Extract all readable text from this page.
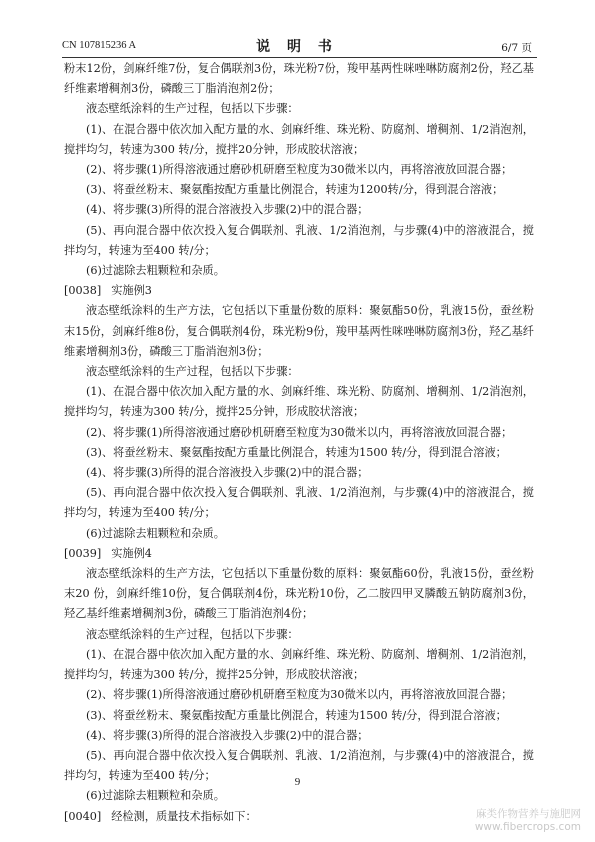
CN 107815236 A	说 明 书	6/7 页

粉末12份，剑麻纤维7份，复合偶联剂3份，珠光粉7份，羧甲基两性咪唑啉防腐剂2份，羟乙基纤维素增稠剂3份，磷酸三丁脂消泡剂2份；

液态壁纸涂料的生产过程，包括以下步骤：

(1)、在混合器中依次加入配方量的水、剑麻纤维、珠光粉、防腐剂、增稠剂、1/2消泡剂，搅拌均匀，转速为300 转/分，搅拌20分钟，形成胶状溶液；

(2)、将步骤(1)所得溶液通过磨砂机研磨至粒度为30微米以内，再将溶液放回混合器；

(3)、将蚕丝粉末、聚氨酯按配方重量比例混合，转速为1200转/分，得到混合溶液；

(4)、将步骤(3)所得的混合溶液投入步骤(2)中的混合器；

(5)、再向混合器中依次投入复合偶联剂、乳液、1/2消泡剂，与步骤(4)中的溶液混合，搅拌均匀，转速为至400 转/分；

(6)过滤除去粗颗粒和杂质。

[0038] 实施例3

液态壁纸涂料的生产方法，它包括以下重量份数的原料：聚氨酯50份，乳液15份，蚕丝粉末15份，剑麻纤维8份，复合偶联剂4份，珠光粉9份，羧甲基两性咪唑啉防腐剂3份，羟乙基纤维素增稠剂3份，磷酸三丁脂消泡剂3份；

液态壁纸涂料的生产过程，包括以下步骤：

(1)、在混合器中依次加入配方量的水、剑麻纤维、珠光粉、防腐剂、增稠剂、1/2消泡剂，搅拌均匀，转速为300 转/分，搅拌25分钟，形成胶状溶液；

(2)、将步骤(1)所得溶液通过磨砂机研磨至粒度为30微米以内，再将溶液放回混合器；

(3)、将蚕丝粉末、聚氨酯按配方重量比例混合，转速为1500 转/分，得到混合溶液；

(4)、将步骤(3)所得的混合溶液投入步骤(2)中的混合器；

(5)、再向混合器中依次投入复合偶联剂、乳液、1/2消泡剂，与步骤(4)中的溶液混合，搅拌均匀，转速为至400 转/分；

(6)过滤除去粗颗粒和杂质。

[0039] 实施例4

液态壁纸涂料的生产方法，它包括以下重量份数的原料：聚氨酯60份，乳液15份，蚕丝粉末20 份，剑麻纤维10份，复合偶联剂4份，珠光粉10份，乙二胺四甲叉膦酸五钠防腐剂3份，羟乙基纤维素增稠剂3份，磷酸三丁脂消泡剂4份；

液态壁纸涂料的生产过程，包括以下步骤：

(1)、在混合器中依次加入配方量的水、剑麻纤维、珠光粉、防腐剂、增稠剂、1/2消泡剂，搅拌均匀，转速为300 转/分，搅拌25分钟，形成胶状溶液；

(2)、将步骤(1)所得溶液通过磨砂机研磨至粒度为30微米以内，再将溶液放回混合器；

(3)、将蚕丝粉末、聚氨酯按配方重量比例混合，转速为1500 转/分，得到混合溶液；

(4)、将步骤(3)所得的混合溶液投入步骤(2)中的混合器；

(5)、再向混合器中依次投入复合偶联剂、乳液、1/2消泡剂，与步骤(4)中的溶液混合，搅拌均匀，转速为至400 转/分；

(6)过滤除去粗颗粒和杂质。

[0040] 经检测，质量技术指标如下：

9
麻类作物营养与施肥网
www.fibercrops.com
